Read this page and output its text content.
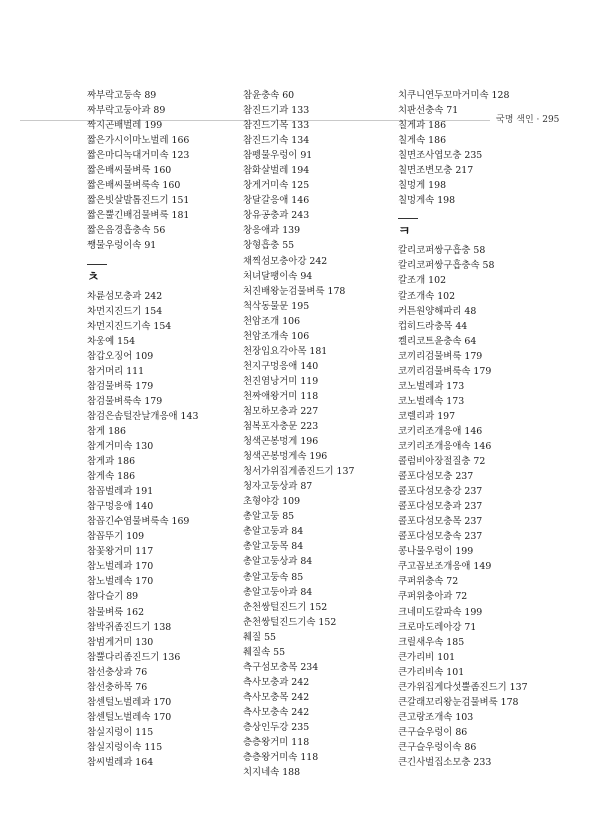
국명 색인 · 295
짜부락고둥속 89
짜부락고둥아과 89
짝지곤배벌레 199
짧은가시이마노벌레 166
짧은마디녹대거미속 123
짧은배씨물벼룩 160
짧은배씨물벼룩속 160
짧은빗살발톱진드기 151
짧은뿔긴배검물벼룩 181
짧은음경흡충속 56
쨍물우렁이속 91
ㅊ
차륜섬모충과 242
차먼지진드기 154
차먼지진드기속 154
차웅예 154
참갑오징어 109
참거머리 111
참검물벼룩 179
참검물벼룩속 179
참검은솜털잔날개응애 143
참게 186
참게거미속 130
참게과 186
참게속 186
참꼽벌레과 191
참구멍응애 140
참꼽긴수염물벼룩속 169
참꼽뚜기 109
참꽃왕거미 117
참노벌레과 170
참노벌레속 170
참다슬기 89
참물벼룩 162
참박쥐좀진드기 138
참범게거미 130
참뿔다리좀진드기 136
참선충상과 76
참선충하목 76
참센털노벌레과 170
참센털노벌레속 170
참실지렁이 115
참실지렁이속 115
참씨벌레과 164
참윤충속 60
참진드기과 133
참진드기목 133
참진드기속 134
참펭물우렁이 91
참화살벌레 194
창게거미속 125
창달갈응애 146
창유공충과 243
창응애과 139
창형흡충 55
채찍섬모충아강 242
처녀달팽이속 94
처진배왕눈검물벼룩 178
척삭동물문 195
천암조개 106
천암조개속 106
천장입요각아목 181
천지구멍응애 140
천진염낭거미 119
천짜애왕거미 118
첨모하모충과 227
첨복포자충문 223
청색곤봉멍게 196
청색곤봉멍게속 196
청서가위집게좀진드기 137
청자고둥상과 87
초형야강 109
총알고둥 85
총알고둥과 84
총알고둥목 84
총알고둥상과 84
총알고둥속 85
총알고둥아과 84
춘천쌍털진드기 152
춘천쌍털진드기속 152
췌질 55
췌질속 55
측구섬모충목 234
측사모충과 242
측사모충목 242
측사모충속 242
층상인두강 235
층층왕거미 118
층층왕거미속 118
치지네속 188
치쿠니연두꼬마거미속 128
치판선충속 71
칠게과 186
칠게속 186
칠면조사엽모충 235
칠면조변모충 217
칠멍게 198
칠멍게속 198
ㅋ
칼리코퍼쌍구흡충 58
칼리코퍼쌍구흡충속 58
칼조개 102
칼조개속 102
커튼원양해파리 48
컵히드라충목 44
켈리코트윤충속 64
코끼리검물벼룩 179
코끼리검물벼룩속 179
코노벌레과 173
코노벌레속 173
코렐리과 197
코키리조개응애 146
코키리조개응애속 146
콜럼비아장절질충 72
콜포다섬모충 237
콜포다섬모충강 237
콜포다섬모충과 237
콜포다섬모충목 237
콜포다섬모충속 237
콩나물우렁이 199
쿠고꼽보조개응애 149
쿠퍼위충속 72
쿠퍼위충아과 72
크네미도칼파속 199
크로마도레아강 71
크릴새우속 185
큰가리비 101
큰가리비속 101
큰가위집게다섯뿔좀진드기 137
큰갈래꼬리왕눈검물벼룩 178
큰고랑조개속 103
큰구슬우렁이 86
큰구슬우렁이속 86
큰긴사벌집소모충 233
